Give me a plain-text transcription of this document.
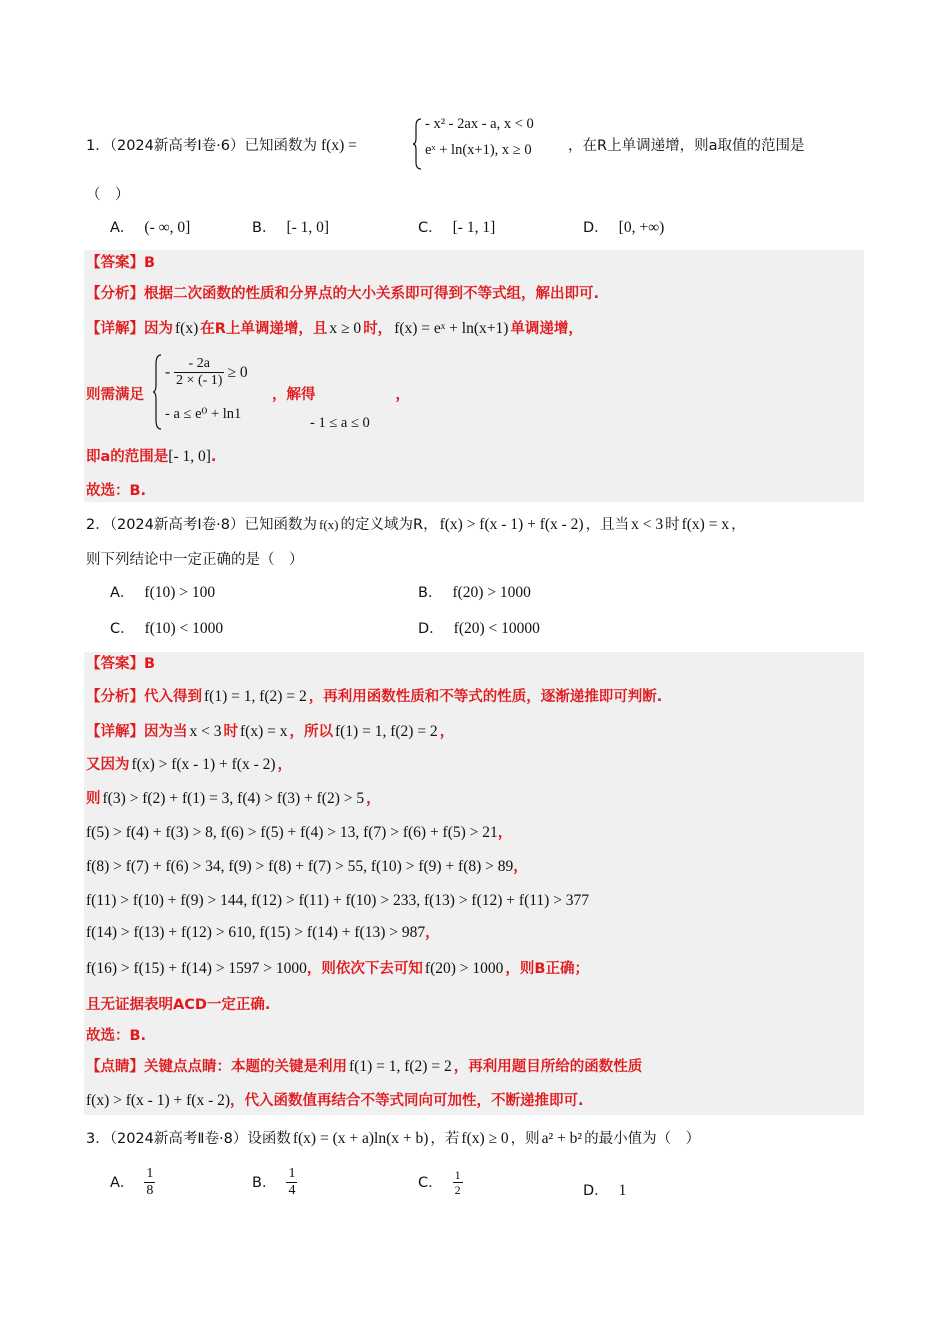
1．（2024新高考Ⅰ卷·6）已知函数为 f(x) =
- x² - 2ax - a, x < 0
eˣ + ln(x+1), x ≥ 0	，在R上单调递增，则a取值的范围是
（　）
A． (- ∞, 0]	B． [- 1, 0]	C． [- 1, 1]	D． [0, +∞)
【答案】B
【分析】根据二次函数的性质和分界点的大小关系即可得到不等式组，解出即可.
【详解】因为 f(x) 在R上单调递增，且 x ≥ 0 时， f(x) = eˣ + ln(x+1) 单调递增，
则需满足
- $\frac{- 2a}{2 \times (- 1)} \ge 0$
- a ≤ e⁰ + ln1
，解得	，
- 1 ≤ a ≤ 0
即a的范围是[- 1, 0].
故选：B.
2．（2024新高考Ⅰ卷·8）已知函数为 f(x) 的定义域为R， f(x) > f(x - 1) + f(x - 2) ，且当 x < 3 时 f(x) = x ，
则下列结论中一定正确的是（　）
A． f(10) > 100	B． f(20) > 1000
C． f(10) < 1000	D． f(20) < 10000
【答案】B
【分析】代入得到 f(1) = 1, f(2) = 2 ，再利用函数性质和不等式的性质，逐渐递推即可判断.
【详解】因为当 x < 3 时 f(x) = x ，所以 f(1) = 1, f(2) = 2 ，
又因为 f(x) > f(x - 1) + f(x - 2) ，
则 f(3) > f(2) + f(1) = 3, f(4) > f(3) + f(2) > 5 ，
f(5) > f(4) + f(3) > 8, f(6) > f(5) + f(4) > 13, f(7) > f(6) + f(5) > 21，
f(8) > f(7) + f(6) > 34, f(9) > f(8) + f(7) > 55, f(10) > f(9) + f(8) > 89，
f(11) > f(10) + f(9) > 144, f(12) > f(11) + f(10) > 233, f(13) > f(12) + f(11) > 377
f(14) > f(13) + f(12) > 610, f(15) > f(14) + f(13) > 987，
f(16) > f(15) + f(14) > 1597 > 1000，则依次下去可知 f(20) > 1000 ，则B正确；
且无证据表明ACD一定正确.
故选：B.
【点睛】关键点点睛：本题的关键是利用 f(1) = 1, f(2) = 2 ，再利用题目所给的函数性质
f(x) > f(x - 1) + f(x - 2)，代入函数值再结合不等式同向可加性，不断递推即可.
3．（2024新高考Ⅱ卷·8）设函数 f(x) = (x + a)ln(x + b) ，若 f(x) ≥ 0 ，则 a² + b² 的最小值为（　）
A． $\frac{1}{8}$	B． $\frac{1}{4}$	C． $\frac{1}{2}$	D． 1
